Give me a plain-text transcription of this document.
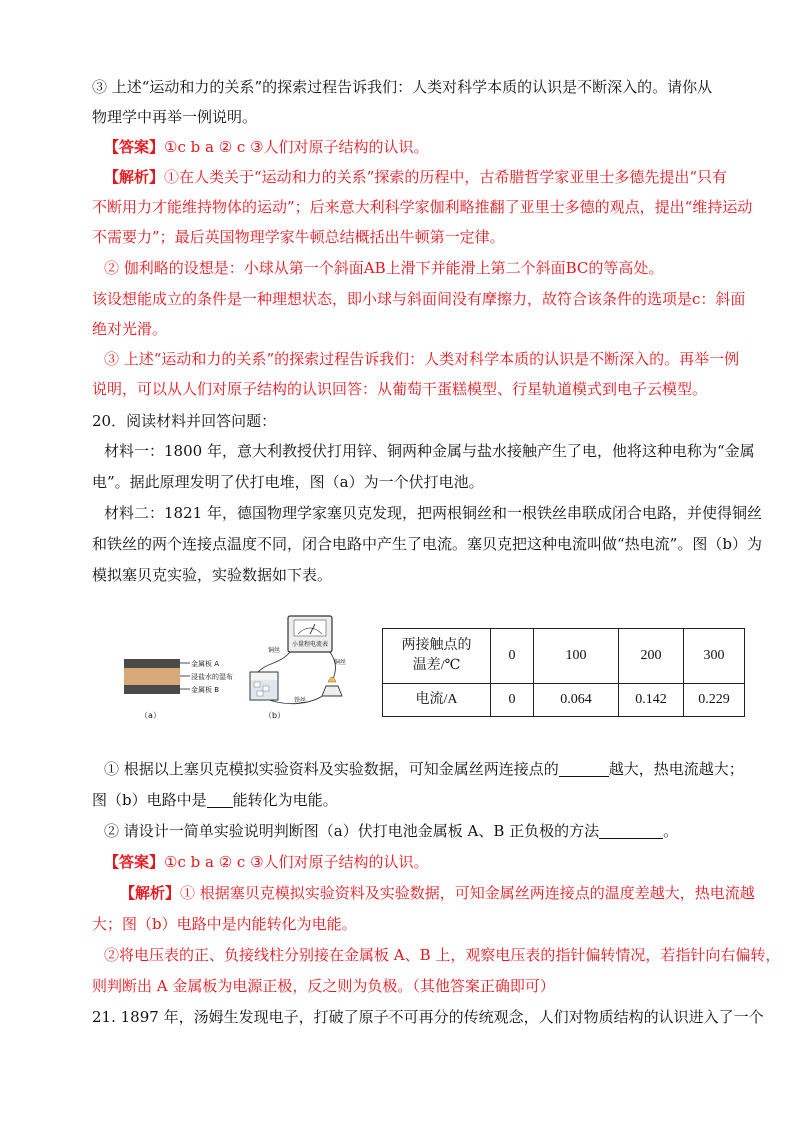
③ 上述“运动和力的关系”的探索过程告诉我们：人类对科学本质的认识是不断深入的。请你从
物理学中再举一例说明。
【答案】①c b a ② c ③人们对原子结构的认识。
【解析】①在人类关于“运动和力的关系”探索的历程中，古希腊哲学家亚里士多德先提出“只有
不断用力才能维持物体的运动”；后来意大利科学家伽利略推翻了亚里士多德的观点，提出“维持运动
不需要力”；最后英国物理学家牛顿总结概括出牛顿第一定律。
② 伽利略的设想是：小球从第一个斜面AB上滑下并能滑上第二个斜面BC的等高处。
该设想能成立的条件是一种理想状态，即小球与斜面间没有摩擦力，故符合该条件的选项是c：斜面
绝对光滑。
③ 上述“运动和力的关系”的探索过程告诉我们：人类对科学本质的认识是不断深入的。再举一例
说明，可以从人们对原子结构的认识回答：从葡萄干蛋糕模型、行星轨道模式到电子云模型。
20．阅读材料并回答问题：
材料一：1800 年，意大利教授伏打用锌、铜两种金属与盐水接触产生了电，他将这种电称为“金属
电”。据此原理发明了伏打电堆，图（a）为一个伏打电池。
材料二：1821 年，德国物理学家塞贝克发现，把两根铜丝和一根铁丝串联成闭合电路，并使得铜丝
和铁丝的两个连接点温度不同，闭合电路中产生了电流。塞贝克把这种电流叫做“热电流”。图（b）为
模拟塞贝克实验，实验数据如下表。
金属板 A
浸盐水的湿布
金属板 B
（a）
小量程电流表
铜丝
铜丝
铁丝
（b）
两接触点的
温差/℃	0	100	200	300
电流/A	0	0.064	0.142	0.229
① 根据以上塞贝克模拟实验资料及实验数据，可知金属丝两连接点的	越大，热电流越大；
图（b）电路中是 能转化为电能。
② 请设计一简单实验说明判断图（a）伏打电池金属板 A、B 正负极的方法	。
【答案】①c b a ② c ③人们对原子结构的认识。
【解析】① 根据塞贝克模拟实验资料及实验数据，可知金属丝两连接点的温度差越大，热电流越
大；图（b）电路中是内能转化为电能。
②将电压表的正、负接线柱分别接在金属板 A、B 上，观察电压表的指针偏转情况，若指针向右偏转，
则判断出 A 金属板为电源正极，反之则为负极。（其他答案正确即可）
21. 1897 年，汤姆生发现电子，打破了原子不可再分的传统观念，人们对物质结构的认识进入了一个
